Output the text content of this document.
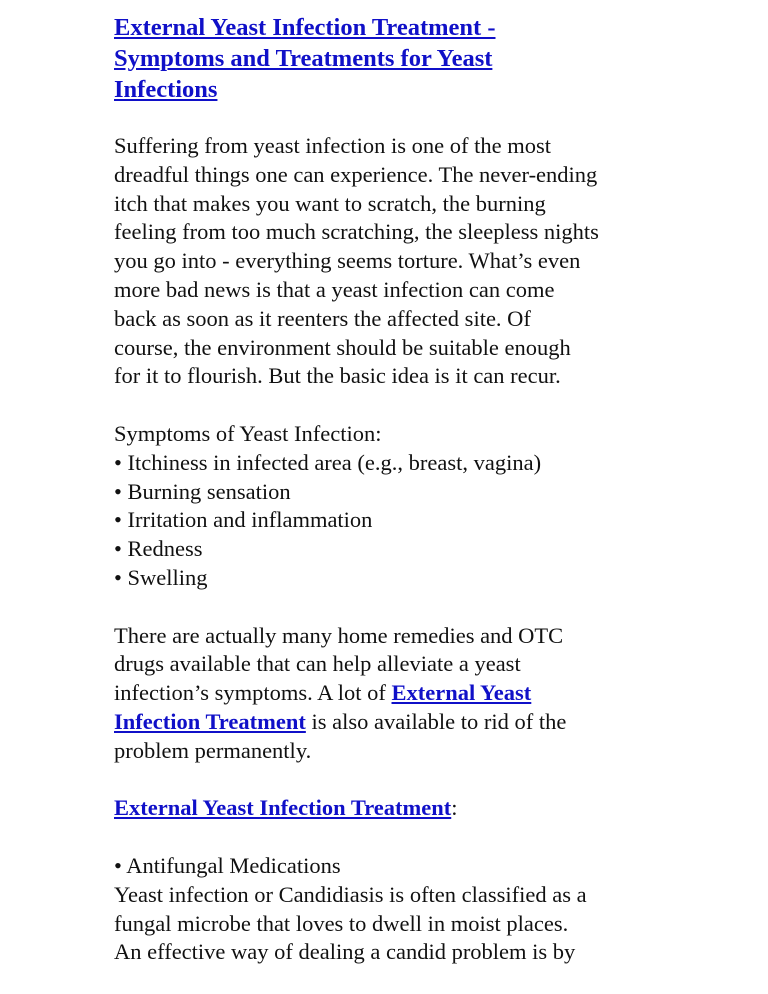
External Yeast Infection Treatment -
Symptoms and Treatments for Yeast
Infections
Suffering from yeast infection is one of the most
dreadful things one can experience. The never-ending
itch that makes you want to scratch, the burning
feeling from too much scratching, the sleepless nights
you go into - everything seems torture. What’s even
more bad news is that a yeast infection can come
back as soon as it reenters the affected site. Of
course, the environment should be suitable enough
for it to flourish. But the basic idea is it can recur.
Symptoms of Yeast Infection:
• Itchiness in infected area (e.g., breast, vagina)
• Burning sensation
• Irritation and inflammation
• Redness
• Swelling
There are actually many home remedies and OTC
drugs available that can help alleviate a yeast
infection’s symptoms. A lot of External Yeast
Infection Treatment is also available to rid of the
problem permanently.
External Yeast Infection Treatment:
• Antifungal Medications
Yeast infection or Candidiasis is often classified as a
fungal microbe that loves to dwell in moist places.
An effective way of dealing a candid problem is by
